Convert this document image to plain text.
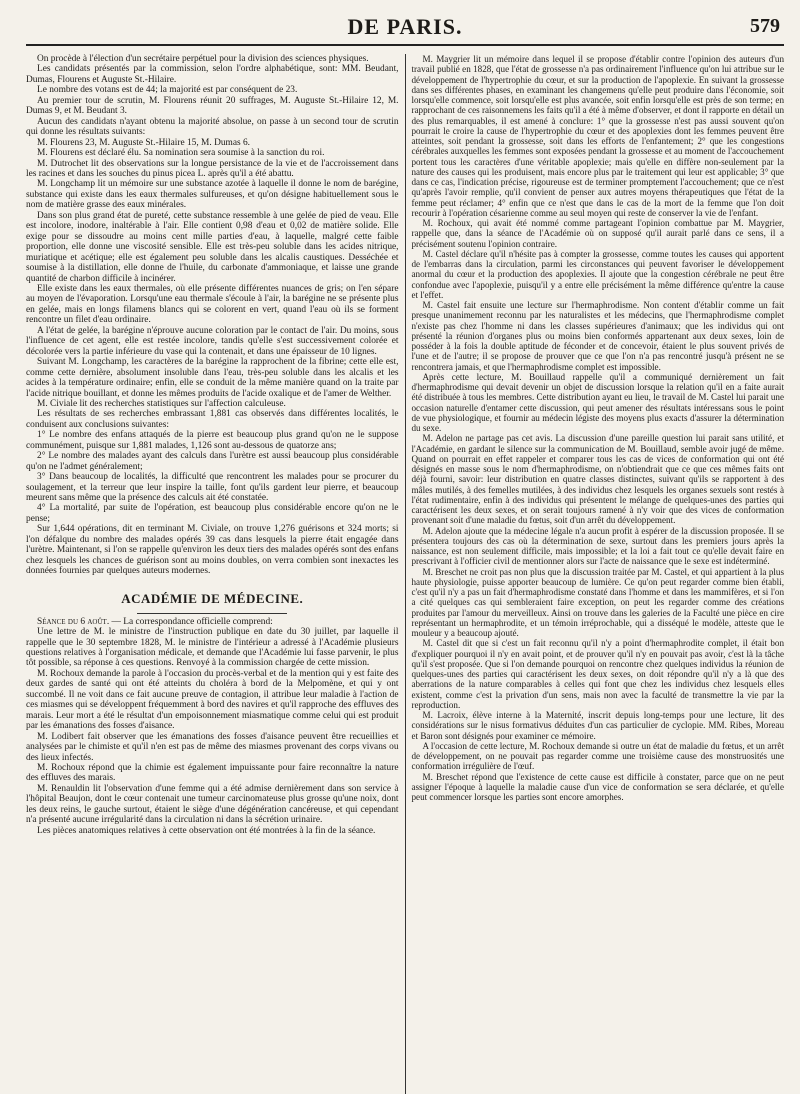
DE PARIS.	579

On procède à l'élection d'un secrétaire perpétuel pour la division des sciences physiques.

Les candidats présentés par la commission, selon l'ordre alphabétique, sont: MM. Beudant, Dumas, Flourens et Auguste St.-Hilaire.

Le nombre des votans est de 44; la majorité est par conséquent de 23.

Au premier tour de scrutin, M. Flourens réunit 20 suffrages, M. Auguste St.-Hilaire 12, M. Dumas 9, et M. Beudant 3.

Aucun des candidats n'ayant obtenu la majorité absolue, on passe à un second tour de scrutin qui donne les résultats suivants:

M. Flourens 23, M. Auguste St.-Hilaire 15, M. Dumas 6.

M. Flourens est déclaré élu. Sa nomination sera soumise à la sanction du roi.

M. Dutrochet lit des observations sur la longue persistance de la vie et de l'accroissement dans les racines et dans les souches du pinus picea L. après qu'il a été abattu.

M. Longchamp lit un mémoire sur une substance azotée à laquelle il donne le nom de barégine, substance qui existe dans les eaux thermales sulfureuses, et qu'on désigne habituellement sous le nom de matière grasse des eaux minérales.

Dans son plus grand état de pureté, cette substance ressemble à une gelée de pied de veau. Elle est incolore, inodore, inaltérable à l'air. Elle contient 0,98 d'eau et 0,02 de matière solide. Elle exige pour se dissoudre au moins cent mille parties d'eau, à laquelle, malgré cette faible proportion, elle donne une viscosité sensible. Elle est très-peu soluble dans les acides nitrique, muriatique et acétique; elle est également peu soluble dans les alcalis caustiques. Desséchée et soumise à la distillation, elle donne de l'huile, du carbonate d'ammoniaque, et laisse une grande quantité de charbon difficile à incinérer.

Elle existe dans les eaux thermales, où elle présente différentes nuances de gris; on l'en sépare au moyen de l'évaporation. Lorsqu'une eau thermale s'écoule à l'air, la barégine ne se présente plus en gelée, mais en longs filamens blancs qui se colorent en vert, quand l'eau où ils se forment rencontre un filet d'eau ordinaire.

A l'état de gelée, la barégine n'éprouve aucune coloration par le contact de l'air. Du moins, sous l'influence de cet agent, elle est restée incolore, tandis qu'elle s'est successivement colorée et décolorée vers la partie inférieure du vase qui la contenait, et dans une épaisseur de 10 lignes.

Suivant M. Longchamp, les caractères de la barégine la rapprochent de la fibrine; cette elle est, comme cette dernière, absolument insoluble dans l'eau, très-peu soluble dans les alcalis et les acides à la température ordinaire; enfin, elle se conduit de la même manière quand on la traite par l'acide nitrique bouillant, et donne les mêmes produits de l'acide oxalique et de l'amer de Welther.

M. Civiale lit des recherches statistiques sur l'affection calculeuse.

Les résultats de ses recherches embrassant 1,881 cas observés dans différentes localités, le conduisent aux conclusions suivantes:

1° Le nombre des enfans attaqués de la pierre est beaucoup plus grand qu'on ne le suppose communément, puisque sur 1,881 malades, 1,126 sont au-dessous de quatorze ans;

2° Le nombre des malades ayant des calculs dans l'urètre est aussi beaucoup plus considérable qu'on ne l'admet généralement;

3° Dans beaucoup de localités, la difficulté que rencontrent les malades pour se procurer du soulagement, et la terreur que leur inspire la taille, font qu'ils gardent leur pierre, et beaucoup meurent sans même que la présence des calculs ait été constatée.

4° La mortalité, par suite de l'opération, est beaucoup plus considérable encore qu'on ne le pense;

Sur 1,644 opérations, dit en terminant M. Civiale, on trouve 1,276 guérisons et 324 morts; si l'on défalque du nombre des malades opérés 39 cas dans lesquels la pierre était engagée dans l'urètre. Maintenant, si l'on se rappelle qu'environ les deux tiers des malades opérés sont des enfans chez lesquels les chances de guérison sont au moins doubles, on verra combien sont inexactes les données fournies par quelques auteurs modernes.

ACADÉMIE DE MÉDECINE.

Séance du 6 août. — La correspondance officielle comprend:

Une lettre de M. le ministre de l'instruction publique en date du 30 juillet, par laquelle il rappelle que le 30 septembre 1828, M. le ministre de l'intérieur a adressé à l'Académie plusieurs questions relatives à l'organisation médicale, et demande que l'Académie lui fasse parvenir, le plus tôt possible, sa réponse à ces questions. Renvoyé à la commission chargée de cette mission.

M. Rochoux demande la parole à l'occasion du procès-verbal et de la mention qui y est faite des deux gardes de santé qui ont été atteints du choléra à bord de la Melpomène, et qui y ont succombé. Il ne voit dans ce fait aucune preuve de contagion, il attribue leur maladie à l'action de ces miasmes qui se développent fréquemment à bord des navires et qu'il rapproche des effluves des marais. Leur mort a été le résultat d'un empoisonnement miasmatique comme celui qui est produit par les émanations des fosses d'aisance.

M. Lodibert fait observer que les émanations des fosses d'aisance peuvent être recueillies et analysées par le chimiste et qu'il n'en est pas de même des miasmes provenant des corps vivans ou des lieux infectés.

M. Rochoux répond que la chimie est également impuissante pour faire reconnaître la nature des effluves des marais.

M. Renauldin lit l'observation d'une femme qui a été admise dernièrement dans son service à l'hôpital Beaujon, dont le cœur contenait une tumeur carcinomateuse plus grosse qu'une noix, dont les deux reins, le gauche surtout, étaient le siège d'une dégénération cancéreuse, et qui cependant n'a présenté aucune irrégularité dans la circulation ni dans la sécrétion urinaire.

Les pièces anatomiques relatives à cette observation ont été montrées à la fin de la séance.

M. Maygrier lit un mémoire dans lequel il se propose d'établir contre l'opinion des auteurs d'un travail publié en 1828, que l'état de grossesse n'a pas ordinairement l'influence qu'on lui attribue sur le développement de l'hypertrophie du cœur, et sur la production de l'apoplexie. En suivant la grossesse dans ses différentes phases, en examinant les changemens qu'elle peut produire dans l'économie, soit lorsqu'elle commence, soit lorsqu'elle est plus avancée, soit enfin lorsqu'elle est près de son terme; en rapprochant de ces raisonnemens les faits qu'il a été à même d'observer, et dont il rapporte en détail un des plus remarquables, il est amené à conclure: 1° que la grossesse n'est pas aussi souvent qu'on pourrait le croire la cause de l'hypertrophie du cœur et des apoplexies dont les femmes peuvent être atteintes, soit pendant la grossesse, soit dans les efforts de l'enfantement; 2° que les congestions cérébrales auxquelles les femmes sont exposées pendant la grossesse et au moment de l'accouchement portent tous les caractères d'une véritable apoplexie; mais qu'elle en diffère non-seulement par la nature des causes qui les produisent, mais encore plus par le traitement qui leur est applicable; 3° que dans ce cas, l'indication précise, rigoureuse est de terminer promptement l'accouchement; que ce n'est qu'après l'avoir remplie, qu'il convient de penser aux autres moyens thérapeutiques que l'état de la femme peut réclamer; 4° enfin que ce n'est que dans le cas de la mort de la femme que l'on doit recourir à l'opération césarienne comme au seul moyen qui reste de conserver la vie de l'enfant.

M. Rochoux, qui avait été nommé comme partageant l'opinion combattue par M. Maygrier, rappelle que, dans la séance de l'Académie où on supposé qu'il aurait parlé dans ce sens, il a précisément soutenu l'opinion contraire.

M. Castel déclare qu'il n'hésite pas à compter la grossesse, comme toutes les causes qui apportent de l'embarras dans la circulation, parmi les circonstances qui peuvent favoriser le développement anormal du cœur et la production des apoplexies. Il ajoute que la congestion cérébrale ne peut être confondue avec l'apoplexie, puisqu'il y a entre elle précisément la même différence qu'entre la cause et l'effet.

M. Castel fait ensuite une lecture sur l'hermaphrodisme. Non content d'établir comme un fait presque unanimement reconnu par les naturalistes et les médecins, que l'hermaphrodisme complet n'existe pas chez l'homme ni dans les classes supérieures d'animaux; que les individus qui ont présenté la réunion d'organes plus ou moins bien conformés appartenant aux deux sexes, loin de posséder à la fois la double aptitude de féconder et de concevoir, étaient le plus souvent privés de l'une et de l'autre; il se propose de prouver que ce que l'on n'a pas rencontré jusqu'à présent ne se rencontrera jamais, et que l'hermaphrodisme complet est impossible.

Après cette lecture, M. Bouillaud rappelle qu'il a communiqué dernièrement un fait d'hermaphrodisme qui devait devenir un objet de discussion lorsque la relation qu'il en a faite aurait été distribuée à tous les membres. Cette distribution ayant eu lieu, le travail de M. Castel lui parait une occasion naturelle d'entamer cette discussion, qui peut amener des résultats intéressans sous le point de vue physiologique, et fournir au médecin légiste des moyens plus exacts d'assurer la détermination du sexe.

M. Adelon ne partage pas cet avis. La discussion d'une pareille question lui parait sans utilité, et l'Académie, en gardant le silence sur la communication de M. Bouillaud, semble avoir jugé de même. Quand on pourrait en effet rappeler et comparer tous les cas de vices de conformation qui ont été désignés en masse sous le nom d'hermaphrodisme, on n'obtiendrait que ce que ces mêmes faits ont déjà fourni, savoir: leur distribution en quatre classes distinctes, suivant qu'ils se rapportent à des mâles mutilés, à des femelles mutilées, à des individus chez lesquels les organes sexuels sont restés à l'état rudimentaire, enfin à des individus qui présentent le mélange de quelques-unes des parties qui caractérisent les deux sexes, et on serait toujours ramené à n'y voir que des vices de conformation provenant soit d'une maladie du fœtus, soit d'un arrêt du développement.

M. Adelon ajoute que la médecine légale n'a aucun profit à espérer de la discussion proposée. Il se présentera toujours des cas où la détermination de sexe, surtout dans les premiers jours après la naissance, est non seulement difficile, mais impossible; et la loi a fait tout ce qu'elle devait faire en prescrivant à l'officier civil de mentionner alors sur l'acte de naissance que le sexe est indéterminé.

M. Breschet ne croit pas non plus que la discussion traitée par M. Castel, et qui appartient à la plus haute physiologie, puisse apporter beaucoup de lumière. Ce qu'on peut regarder comme bien établi, c'est qu'il n'y a pas un fait d'hermaphrodisme constaté dans l'homme et dans les mammifères, et si l'on a cité quelques cas qui sembleraient faire exception, on peut les regarder comme des créations produites par l'amour du merveilleux. Ainsi on trouve dans les galeries de la Faculté une pièce en cire représentant un hermaphrodite, et un témoin irréprochable, qui a disséqué le modèle, atteste que le mouleur y a beaucoup ajouté.

M. Castel dit que si c'est un fait reconnu qu'il n'y a point d'hermaphrodite complet, il était bon d'expliquer pourquoi il n'y en avait point, et de prouver qu'il n'y en pouvait pas avoir, c'est là la tâche qu'il s'est proposée. Que si l'on demande pourquoi on rencontre chez quelques individus la réunion de quelques-unes des parties qui caractérisent les deux sexes, on doit répondre qu'il n'y a là que des aberrations de la nature comparables à celles qui font que chez les individus chez lesquels elles existent, comme c'est la privation d'un sens, mais non avec la faculté de transmettre la vie par la reproduction.

M. Lacroix, élève interne à la Maternité, inscrit depuis long-temps pour une lecture, lit des considérations sur le nisus formativus déduites d'un cas particulier de cyclopie. MM. Ribes, Moreau et Baron sont désignés pour examiner ce mémoire.

A l'occasion de cette lecture, M. Rochoux demande si outre un état de maladie du fœtus, et un arrêt de développement, on ne pouvait pas regarder comme une troisième cause des monstruosités une conformation irrégulière de l'œuf.

M. Breschet répond que l'existence de cette cause est difficile à constater, parce que on ne peut assigner l'époque à laquelle la maladie cause d'un vice de conformation se sera déclarée, et qu'elle peut commencer lorsque les parties sont encore amorphes.
